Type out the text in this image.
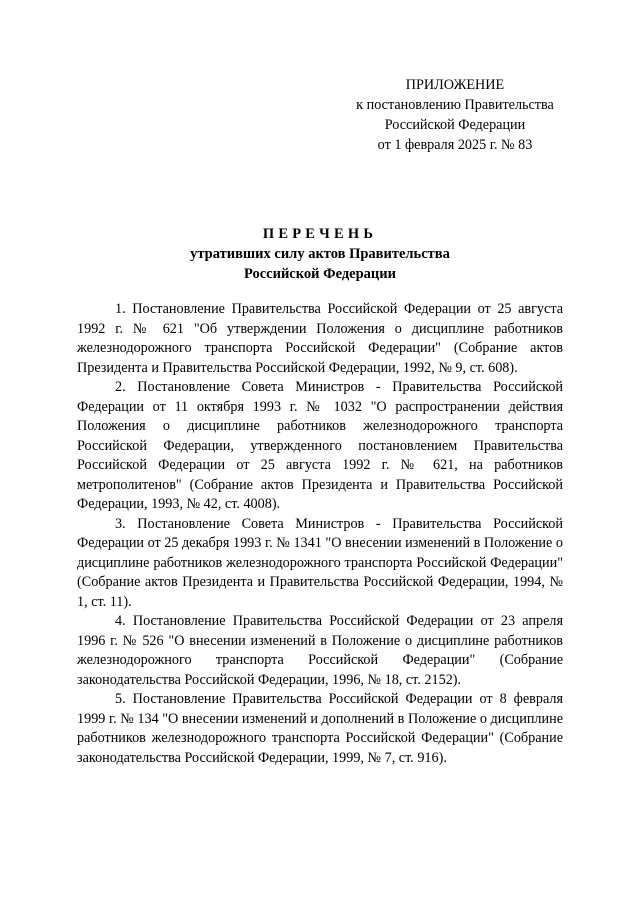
ПРИЛОЖЕНИЕ
к постановлению Правительства
Российской Федерации
от 1 февраля 2025 г. № 83
ПЕРЕЧЕНЬ
утративших силу актов Правительства
Российской Федерации

1. Постановление Правительства Российской Федерации от 25 августа 1992 г. № 621 "Об утверждении Положения о дисциплине работников железнодорожного транспорта Российской Федерации" (Собрание актов Президента и Правительства Российской Федерации, 1992, № 9, ст. 608).

2. Постановление Совета Министров - Правительства Российской Федерации от 11 октября 1993 г. № 1032 "О распространении действия Положения о дисциплине работников железнодорожного транспорта Российской Федерации, утвержденного постановлением Правительства Российской Федерации от 25 августа 1992 г. № 621, на работников метрополитенов" (Собрание актов Президента и Правительства Российской Федерации, 1993, № 42, ст. 4008).

3. Постановление Совета Министров - Правительства Российской Федерации от 25 декабря 1993 г. № 1341 "О внесении изменений в Положение о дисциплине работников железнодорожного транспорта Российской Федерации" (Собрание актов Президента и Правительства Российской Федерации, 1994, № 1, ст. 11).

4. Постановление Правительства Российской Федерации от 23 апреля 1996 г. № 526 "О внесении изменений в Положение о дисциплине работников железнодорожного транспорта Российской Федерации" (Собрание законодательства Российской Федерации, 1996, № 18, ст. 2152).

5. Постановление Правительства Российской Федерации от 8 февраля 1999 г. № 134 "О внесении изменений и дополнений в Положение о дисциплине работников железнодорожного транспорта Российской Федерации" (Собрание законодательства Российской Федерации, 1999, № 7, ст. 916).
